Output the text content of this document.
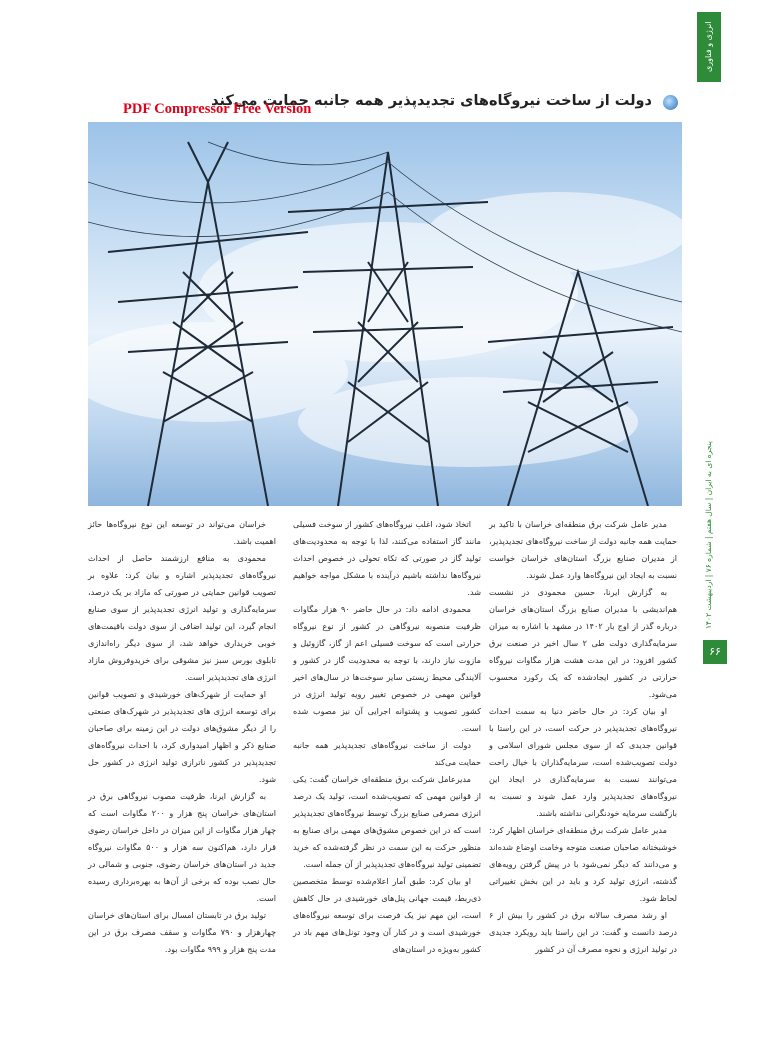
انرژی و فناوری
پنجره ای به ایران | سال هفتم | شماره ۷۶ | اردیبهشت ۱۴۰۲
۶۶
دولت از ساخت نیروگاه‌های تجدیدپذیر همه جانبه حمایت می‌کند
PDF Compressor Free Version

مدیر عامل شرکت برق منطقه‌ای خراسان با تاکید بر حمایت همه جانبه دولت از ساخت نیروگاه‌های تجدیدپذیر، از مدیران صنایع بزرگ استان‌های خراسان خواست نسبت به ایجاد این نیروگاه‌ها وارد عمل شوند.

به گزارش ایرنا، حسین محمودی در نشست هم‌اندیشی با مدیران صنایع بزرگ استان‌های خراسان درباره گذر از اوج بار ۱۴۰۲ در مشهد با اشاره به میزان سرمایه‌گذاری دولت طی ۲ سال اخیر در صنعت برق کشور افزود: در این مدت هشت هزار مگاوات نیروگاه حرارتی در کشور ایجادشده که یک رکورد محسوب می‌شود.

او بیان کرد: در حال حاضر دنیا به سمت احداث نیروگاه‌های تجدیدپذیر در حرکت است، در این راستا با قوانین جدیدی که از سوی مجلس شورای اسلامی و دولت تصویب‌شده است، سرمایه‌گذاران با خیال راحت می‌توانند نسبت به سرمایه‌گذاری در ایجاد این نیروگاه‌های تجدیدپذیر وارد عمل شوند و نسبت به بازگشت سرمایه خودنگرانی نداشته باشند.

مدیر عامل شرکت برق منطقه‌ای خراسان اظهار کرد: خوشبختانه صاحبان صنعت متوجه وخامت اوضاع شده‌اند و می‌دانند که دیگر نمی‌شود با در پیش گرفتن رویه‌های گذشته، انرژی تولید کرد و باید در این بخش تغییراتی لحاظ شود.

او رشد مصرف سالانه برق در کشور را بیش از ۶ درصد دانست و گفت: در این راستا باید رویکرد جدیدی در تولید انرژی و نحوه مصرف آن در کشور

اتخاذ شود، اغلب نیروگاه‌های کشور از سوخت فسیلی مانند گاز استفاده می‌کنند، لذا با توجه به محدودیت‌های تولید گاز در صورتی که تکاه تحولی در خصوص احداث نیروگاه‌ها نداشته باشیم درآینده با مشکل مواجه خواهیم شد.

محمودی ادامه داد: در حال حاضر ۹۰ هزار مگاوات ظرفیت منصوبه نیروگاهی در کشور از نوع نیروگاه حرارتی است که سوخت فسیلی اعم از گاز، گازوئیل و مازوت نیاز دارند، با توجه به محدودیت گاز در کشور و آلایندگی محیط زیستی سایر سوخت‌ها در سال‌های اخیر قوانین مهمی در خصوص تغییر رویه تولید انرژی در کشور تصویب و پشتوانه اجرایی آن نیز مصوب شده است.

دولت از ساخت نیروگاه‌های تجدیدپذیر همه جانبه حمایت می‌کند

مدیرعامل شرکت برق منطقه‌ای خراسان گفت: یکی از قوانین مهمی که تصویب‌شده است، تولید یک درصد انرژی مصرفی صنایع بزرگ توسط نیروگاه‌های تجدیدپذیر است که در این خصوص مشوق‌های مهمی برای صنایع به منظور حرکت به این سمت در نظر گرفته‌شده که خرید تضمینی تولید نیروگاه‌های تجدیدپذیر از آن جمله است.

او بیان کرد: طبق آمار اعلام‌شده توسط متخصصین ذی‌ربط، قیمت جهانی پنل‌های خورشیدی در حال کاهش است، این مهم نیز یک فرصت برای توسعه نیروگاه‌های خورشیدی است و در کنار آن وجود تونل‌های مهم باد در کشور به‌ویژه در استان‌های

خراسان می‌تواند در توسعه این نوع نیروگاه‌ها حائز اهمیت باشد.

محمودی به منافع ارزشمند حاصل از احداث نیروگاه‌های تجدیدپذیر اشاره و بیان کرد: علاوه بر تصویب قوانین حمایتی در صورتی که مازاد بر یک درصد، سرمایه‌گذاری و تولید انرژی تجدیدپذیر از سوی صنایع انجام گیرد، این تولید اضافی از سوی دولت باقیمت‌های خوبی خریداری خواهد شد، از سوی دیگر راه‌اندازی تابلوی بورس سبز نیز مشوقی برای خریدوفروش مازاد انرژی های تجدیدپذیر است.

او حمایت از شهرک‌های خورشیدی و تصویب قوانین برای توسعه انرژی های تجدیدپذیر در شهرک‌های صنعتی را از دیگر مشوق‌های دولت در این زمینه برای صاحبان صنایع ذکر و اظهار امیدواری کرد، با احداث نیروگاه‌های تجدیدپذیر در کشور ناترازی تولید انرژی در کشور حل شود.

به گزارش ایرنا، ظرفیت مصوب نیروگاهی برق در استان‌های خراسان پنج هزار و ۲۰۰ مگاوات است که چهار هزار مگاوات از این میزان در داخل خراسان رضوی قرار دارد، هم‌اکنون سه هزار و ۵۰۰ مگاوات نیروگاه جدید در استان‌های خراسان رضوی، جنوبی و شمالی در حال نصب بوده که برخی از آن‌ها به بهره‌برداری رسیده است.

تولید برق در تابستان امسال برای استان‌های خراسان چهارهزار و ۷۹۰ مگاوات و سقف مصرف برق در این مدت پنج هزار و ۹۹۹ مگاوات بود.
